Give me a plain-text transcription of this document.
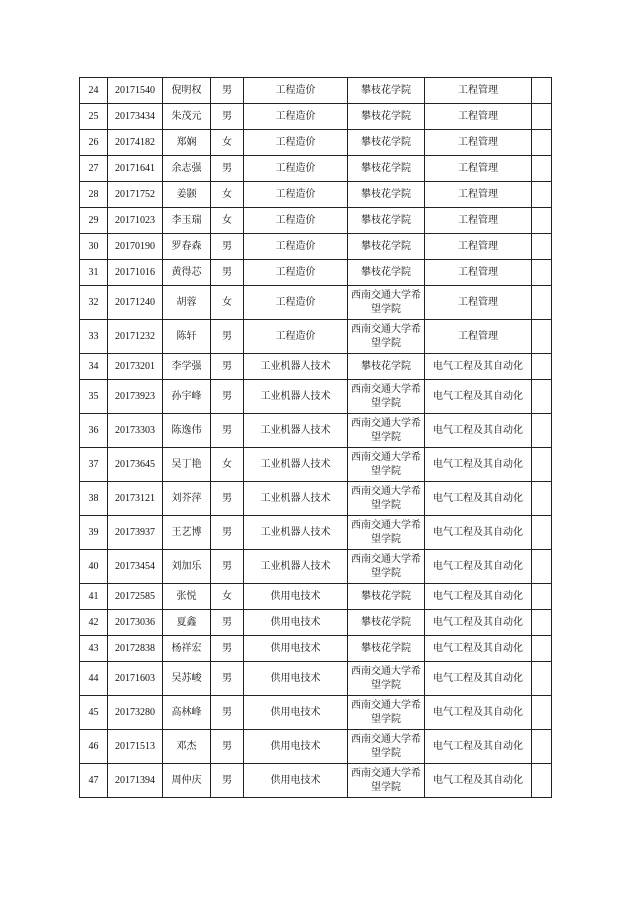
24	20171540	倪明权	男	工程造价	攀枝花学院	工程管理	
25	20173434	朱茂元	男	工程造价	攀枝花学院	工程管理	
26	20174182	郑娴	女	工程造价	攀枝花学院	工程管理	
27	20171641	余志强	男	工程造价	攀枝花学院	工程管理	
28	20171752	姜颢	女	工程造价	攀枝花学院	工程管理	
29	20171023	李玉瑞	女	工程造价	攀枝花学院	工程管理	
30	20170190	罗春森	男	工程造价	攀枝花学院	工程管理	
31	20171016	黄得芯	男	工程造价	攀枝花学院	工程管理	
32	20171240	胡蓉	女	工程造价	西南交通大学希望学院	工程管理	
33	20171232	陈轩	男	工程造价	西南交通大学希望学院	工程管理	
34	20173201	李学强	男	工业机器人技术	攀枝花学院	电气工程及其自动化	
35	20173923	孙宇峰	男	工业机器人技术	西南交通大学希望学院	电气工程及其自动化	
36	20173303	陈逸伟	男	工业机器人技术	西南交通大学希望学院	电气工程及其自动化	
37	20173645	吴丁艳	女	工业机器人技术	西南交通大学希望学院	电气工程及其自动化	
38	20173121	刘芥萍	男	工业机器人技术	西南交通大学希望学院	电气工程及其自动化	
39	20173937	王艺博	男	工业机器人技术	西南交通大学希望学院	电气工程及其自动化	
40	20173454	刘加乐	男	工业机器人技术	西南交通大学希望学院	电气工程及其自动化	
41	20172585	张悦	女	供用电技术	攀枝花学院	电气工程及其自动化	
42	20173036	夏鑫	男	供用电技术	攀枝花学院	电气工程及其自动化	
43	20172838	杨祥宏	男	供用电技术	攀枝花学院	电气工程及其自动化	
44	20171603	吴苏峻	男	供用电技术	西南交通大学希望学院	电气工程及其自动化	
45	20173280	高林峰	男	供用电技术	西南交通大学希望学院	电气工程及其自动化	
46	20171513	邓杰	男	供用电技术	西南交通大学希望学院	电气工程及其自动化	
47	20171394	周仲庆	男	供用电技术	西南交通大学希望学院	电气工程及其自动化	
